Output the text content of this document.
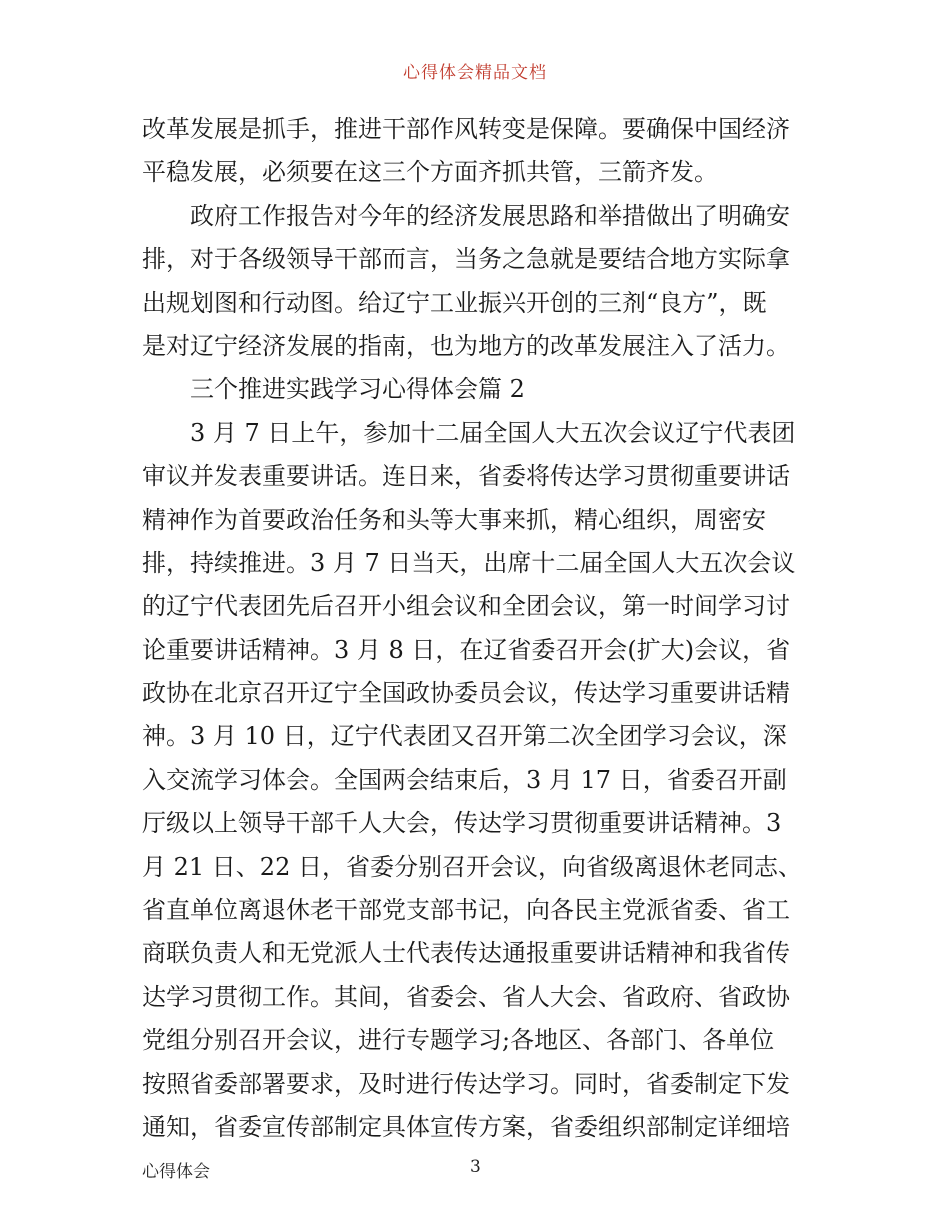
心得体会精品文档
改革发展是抓手，推进干部作风转变是保障。要确保中国经济
平稳发展，必须要在这三个方面齐抓共管，三箭齐发。
政府工作报告对今年的经济发展思路和举措做出了明确安
排，对于各级领导干部而言，当务之急就是要结合地方实际拿
出规划图和行动图。给辽宁工业振兴开创的三剂“良方”，既
是对辽宁经济发展的指南，也为地方的改革发展注入了活力。
三个推进实践学习心得体会篇 2
3 月 7 日上午，参加十二届全国人大五次会议辽宁代表团
审议并发表重要讲话。连日来，省委将传达学习贯彻重要讲话
精神作为首要政治任务和头等大事来抓，精心组织，周密安
排，持续推进。3 月 7 日当天，出席十二届全国人大五次会议
的辽宁代表团先后召开小组会议和全团会议，第一时间学习讨
论重要讲话精神。3 月 8 日，在辽省委召开会(扩大)会议，省
政协在北京召开辽宁全国政协委员会议，传达学习重要讲话精
神。3 月 10 日，辽宁代表团又召开第二次全团学习会议，深
入交流学习体会。全国两会结束后，3 月 17 日，省委召开副
厅级以上领导干部千人大会，传达学习贯彻重要讲话精神。3
月 21 日、22 日，省委分别召开会议，向省级离退休老同志、
省直单位离退休老干部党支部书记，向各民主党派省委、省工
商联负责人和无党派人士代表传达通报重要讲话精神和我省传
达学习贯彻工作。其间，省委会、省人大会、省政府、省政协
党组分别召开会议，进行专题学习;各地区、各部门、各单位
按照省委部署要求，及时进行传达学习。同时，省委制定下发
通知，省委宣传部制定具体宣传方案，省委组织部制定详细培
心得体会	3
